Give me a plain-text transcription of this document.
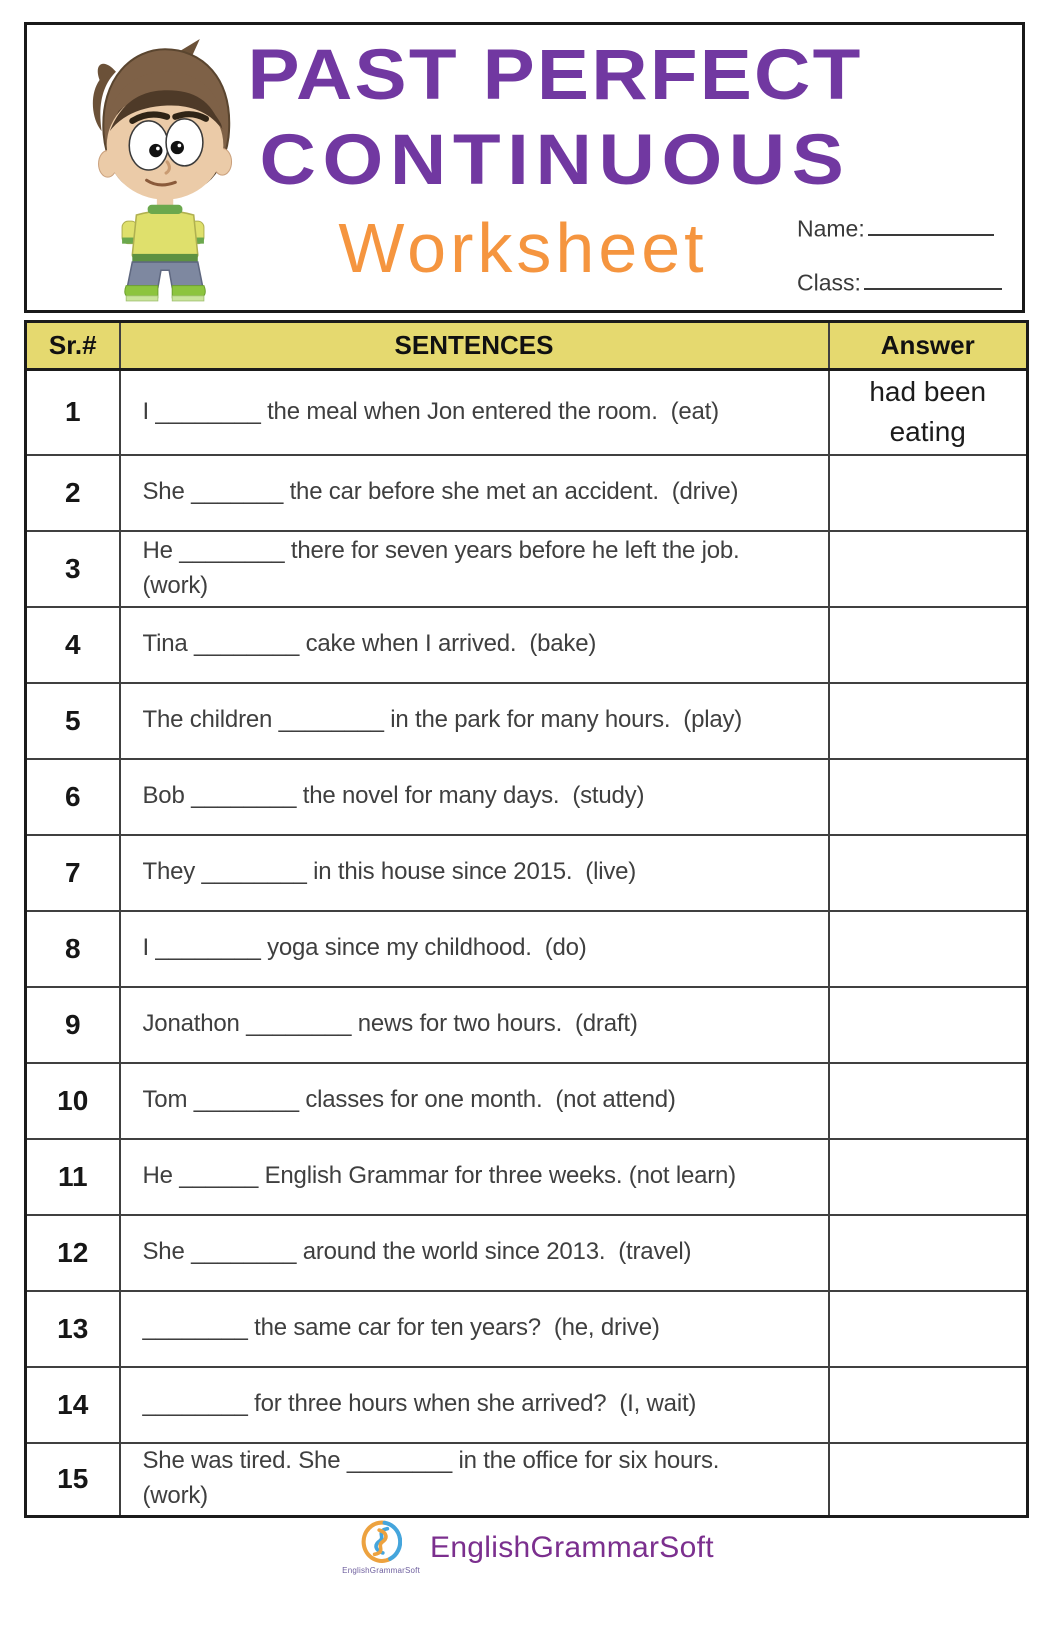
PAST PERFECT
CONTINUOUS
Worksheet	Name:
Class:
Sr.#	SENTENCES	Answer
1	I ________ the meal when Jon entered the room.  (eat)	had been eating
2	She _______ the car before she met an accident.  (drive)	

3	He ________ there for seven years before he left the job.
(work)	

4	Tina ________ cake when I arrived.  (bake)	

5	The children ________ in the park for many hours.  (play)	

6	Bob ________ the novel for many days.  (study)	

7	They ________ in this house since 2015.  (live)	

8	I ________ yoga since my childhood.  (do)	

9	Jonathon ________ news for two hours.  (draft)	

10	Tom ________ classes for one month.  (not attend)	

11	He ______ English Grammar for three weeks. (not learn)	

12	She ________ around the world since 2013.  (travel)	

13	________ the same car for ten years?  (he, drive)	

14	________ for three hours when she arrived?  (I, wait)	

15	She was tired. She ________ in the office for six hours.
(work)	

EnglishGrammarSoft
EnglishGrammarSoft
